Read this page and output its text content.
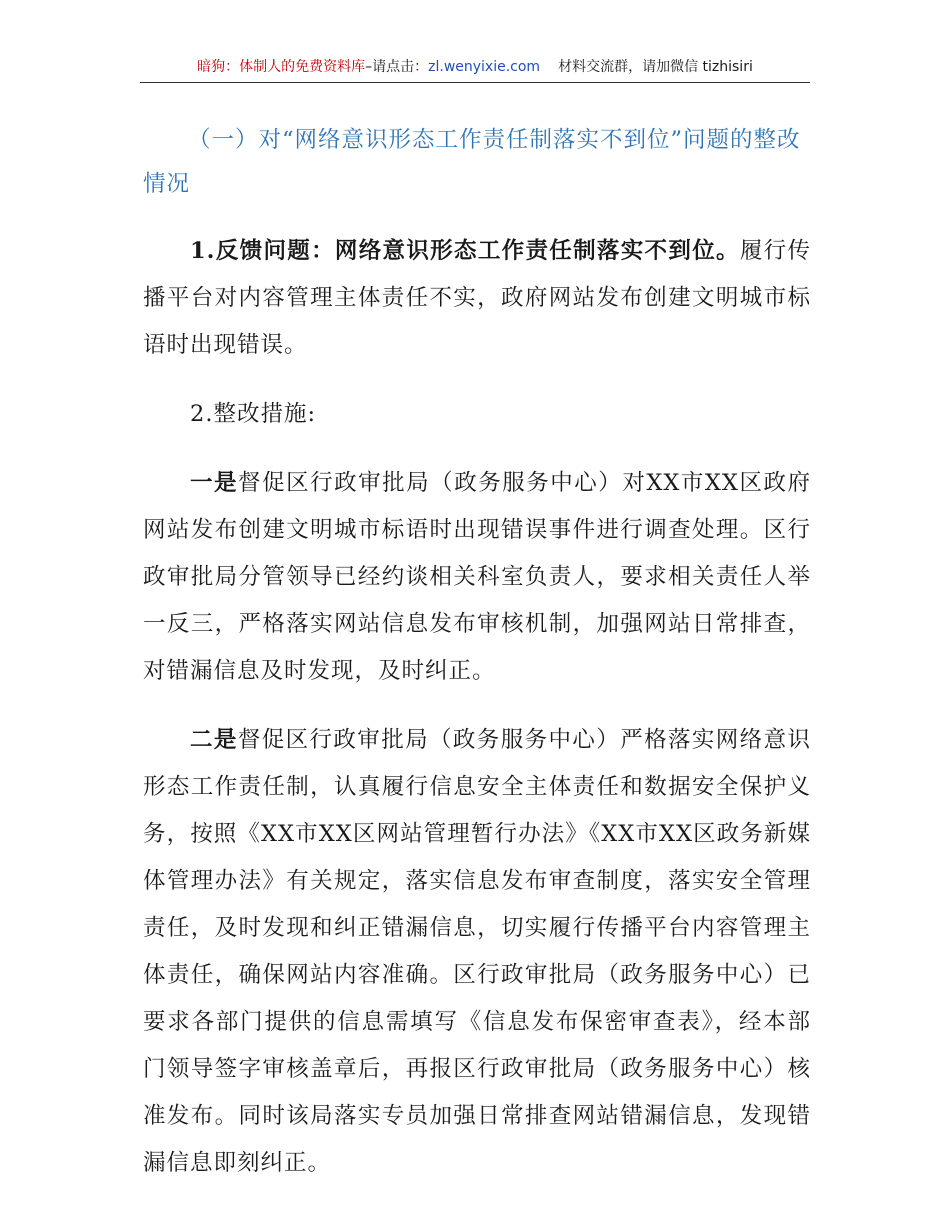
暗狗：体制人的免费资料库–请点击：zl.wenyixie.com 材料交流群，请加微信 tizhisiri

（一）对“网络意识形态工作责任制落实不到位”问题的整改情况

1.反馈问题：网络意识形态工作责任制落实不到位。履行传播平台对内容管理主体责任不实，政府网站发布创建文明城市标语时出现错误。

2.整改措施:

一是督促区行政审批局（政务服务中心）对XX市XX区政府网站发布创建文明城市标语时出现错误事件进行调查处理。区行政审批局分管领导已经约谈相关科室负责人，要求相关责任人举一反三，严格落实网站信息发布审核机制，加强网站日常排查，对错漏信息及时发现，及时纠正。

二是督促区行政审批局（政务服务中心）严格落实网络意识形态工作责任制，认真履行信息安全主体责任和数据安全保护义务，按照《XX市XX区网站管理暂行办法》《XX市XX区政务新媒体管理办法》有关规定，落实信息发布审查制度，落实安全管理责任，及时发现和纠正错漏信息，切实履行传播平台内容管理主体责任，确保网站内容准确。区行政审批局（政务服务中心）已要求各部门提供的信息需填写《信息发布保密审查表》，经本部门领导签字审核盖章后，再报区行政审批局（政务服务中心）核准发布。同时该局落实专员加强日常排查网站错漏信息，发现错漏信息即刻纠正。
